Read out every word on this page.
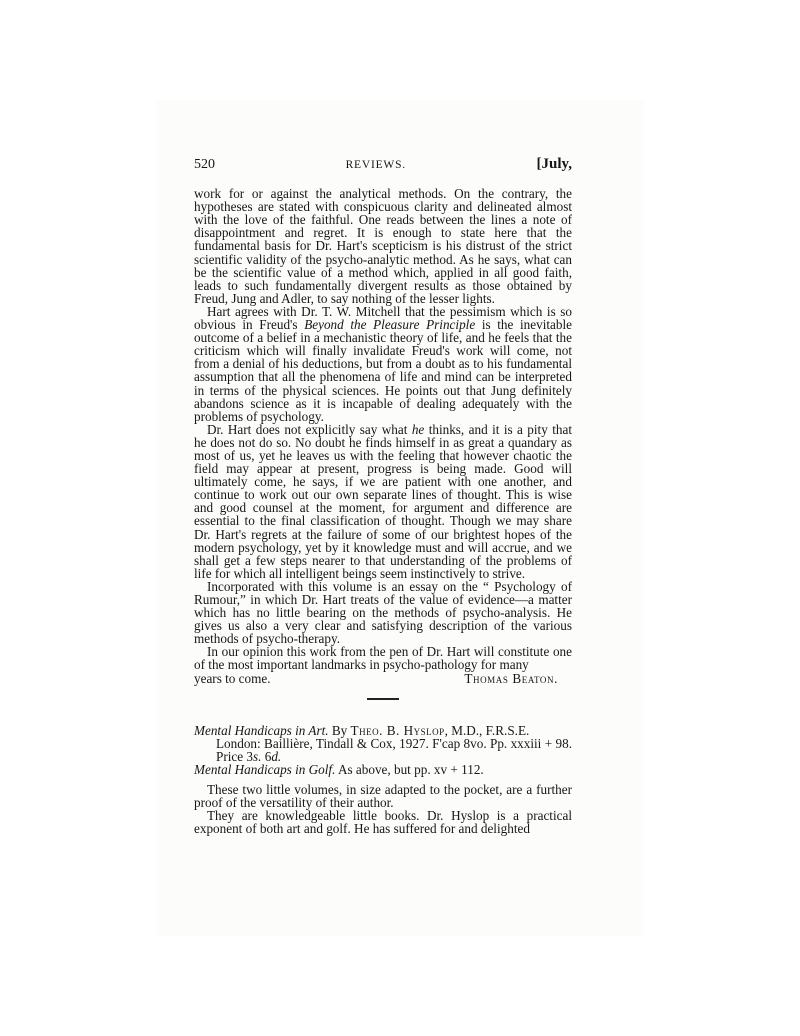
520	REVIEWS.	[July,

work for or against the analytical methods. On the contrary, the hypotheses are stated with conspicuous clarity and delineated almost with the love of the faithful. One reads between the lines a note of disappointment and regret. It is enough to state here that the fundamental basis for Dr. Hart's scepticism is his distrust of the strict scientific validity of the psycho-analytic method. As he says, what can be the scientific value of a method which, applied in all good faith, leads to such fundamentally divergent results as those obtained by Freud, Jung and Adler, to say nothing of the lesser lights.

Hart agrees with Dr. T. W. Mitchell that the pessimism which is so obvious in Freud's Beyond the Pleasure Principle is the inevitable outcome of a belief in a mechanistic theory of life, and he feels that the criticism which will finally invalidate Freud's work will come, not from a denial of his deductions, but from a doubt as to his fundamental assumption that all the phenomena of life and mind can be interpreted in terms of the physical sciences. He points out that Jung definitely abandons science as it is incapable of dealing adequately with the problems of psychology.

Dr. Hart does not explicitly say what he thinks, and it is a pity that he does not do so. No doubt he finds himself in as great a quandary as most of us, yet he leaves us with the feeling that however chaotic the field may appear at present, progress is being made. Good will ultimately come, he says, if we are patient with one another, and continue to work out our own separate lines of thought. This is wise and good counsel at the moment, for argument and difference are essential to the final classification of thought. Though we may share Dr. Hart's regrets at the failure of some of our brightest hopes of the modern psychology, yet by it knowledge must and will accrue, and we shall get a few steps nearer to that understanding of the problems of life for which all intelligent beings seem instinctively to strive.

Incorporated with this volume is an essay on the “ Psychology of Rumour,” in which Dr. Hart treats of the value of evidence—a matter which has no little bearing on the methods of psycho-analysis. He gives us also a very clear and satisfying description of the various methods of psycho-therapy.

In our opinion this work from the pen of Dr. Hart will constitute one of the most important landmarks in psycho-pathology for many

years to come.	Thomas Beaton.

Mental Handicaps in Art. By Theo. B. Hyslop, M.D., F.R.S.E.
London: Baillière, Tindall & Cox, 1927. F'cap 8vo. Pp. xxxiii + 98. Price 3s. 6d.

Mental Handicaps in Golf. As above, but pp. xv + 112.

These two little volumes, in size adapted to the pocket, are a further proof of the versatility of their author.

They are knowledgeable little books. Dr. Hyslop is a practical exponent of both art and golf. He has suffered for and delighted
